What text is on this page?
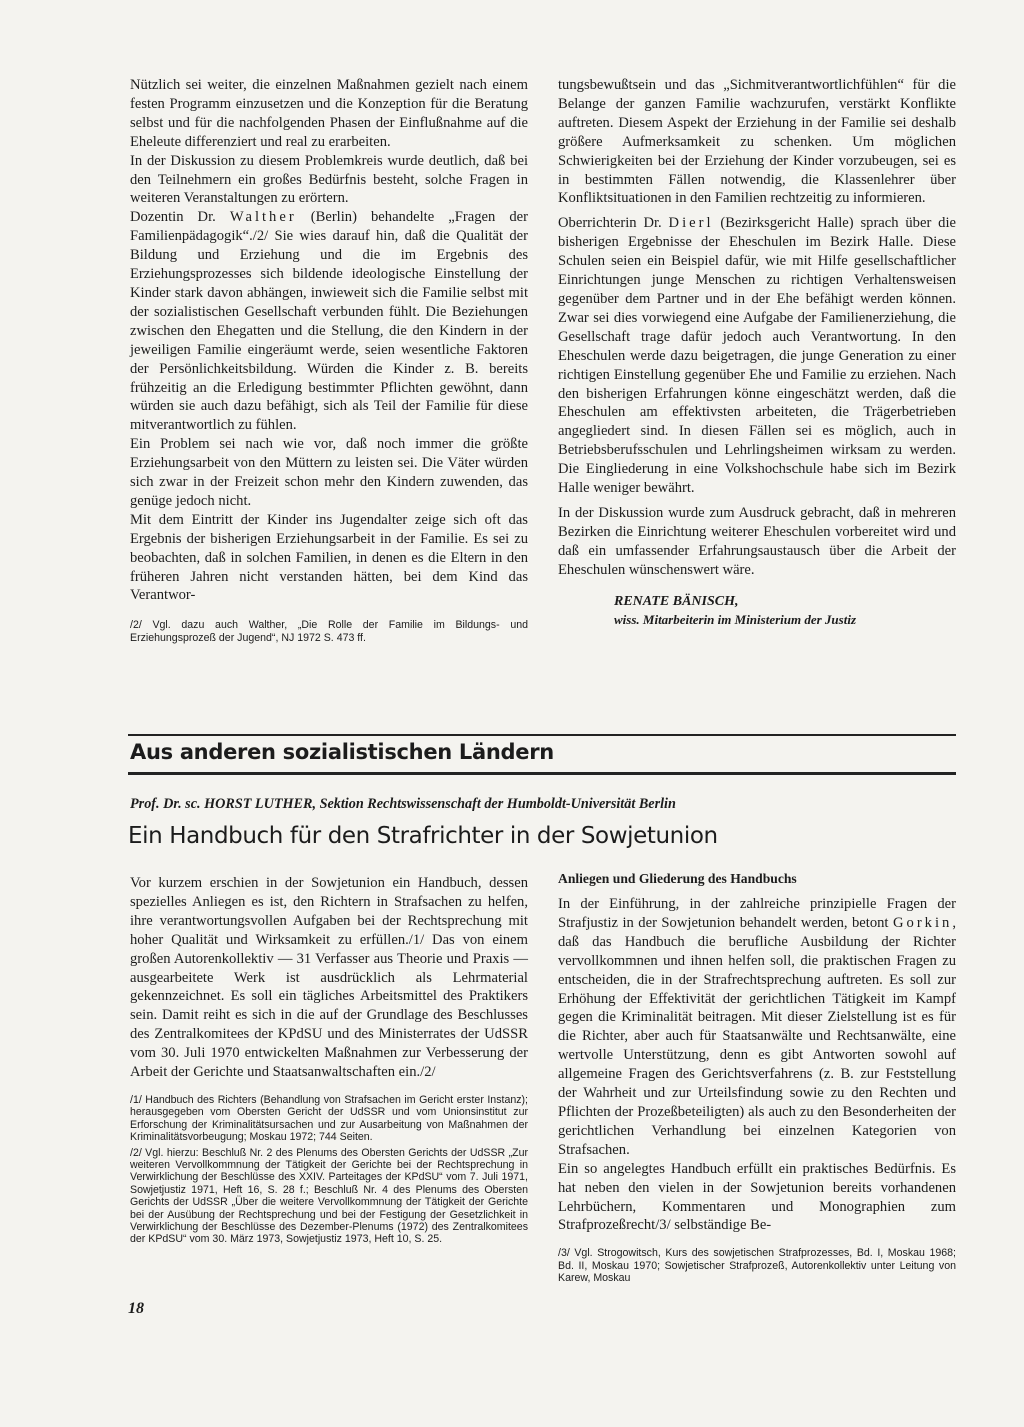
Nützlich sei weiter, die einzelnen Maßnahmen gezielt nach einem festen Programm einzusetzen und die Konzeption für die Beratung selbst und für die nachfolgenden Phasen der Einflußnahme auf die Eheleute differenziert und real zu erarbeiten.

In der Diskussion zu diesem Problemkreis wurde deutlich, daß bei den Teilnehmern ein großes Bedürfnis besteht, solche Fragen in weiteren Veranstaltungen zu erörtern.

Dozentin Dr. Walther (Berlin) behandelte „Fragen der Familienpädagogik“./2/ Sie wies darauf hin, daß die Qualität der Bildung und Erziehung und die im Ergebnis des Erziehungsprozesses sich bildende ideologische Einstellung der Kinder stark davon abhängen, inwieweit sich die Familie selbst mit der sozialistischen Gesellschaft verbunden fühlt. Die Beziehungen zwischen den Ehegatten und die Stellung, die den Kindern in der jeweiligen Familie eingeräumt werde, seien wesentliche Faktoren der Persönlichkeitsbildung. Würden die Kinder z. B. bereits frühzeitig an die Erledigung bestimmter Pflichten gewöhnt, dann würden sie auch dazu befähigt, sich als Teil der Familie für diese mitverantwortlich zu fühlen.

Ein Problem sei nach wie vor, daß noch immer die größte Erziehungsarbeit von den Müttern zu leisten sei. Die Väter würden sich zwar in der Freizeit schon mehr den Kindern zuwenden, das genüge jedoch nicht.

Mit dem Eintritt der Kinder ins Jugendalter zeige sich oft das Ergebnis der bisherigen Erziehungsarbeit in der Familie. Es sei zu beobachten, daß in solchen Familien, in denen es die Eltern in den früheren Jahren nicht verstanden hätten, bei dem Kind das Verantwor-

/2/ Vgl. dazu auch Walther, „Die Rolle der Familie im Bildungs- und Erziehungsprozeß der Jugend“, NJ 1972 S. 473 ff.

tungsbewußtsein und das „Sichmitverantwortlichfühlen“ für die Belange der ganzen Familie wachzurufen, verstärkt Konflikte auftreten. Diesem Aspekt der Erziehung in der Familie sei deshalb größere Aufmerksamkeit zu schenken. Um möglichen Schwierigkeiten bei der Erziehung der Kinder vorzubeugen, sei es in bestimmten Fällen notwendig, die Klassenlehrer über Konfliktsituationen in den Familien rechtzeitig zu informieren.

Oberrichterin Dr. Dierl (Bezirksgericht Halle) sprach über die bisherigen Ergebnisse der Eheschulen im Bezirk Halle. Diese Schulen seien ein Beispiel dafür, wie mit Hilfe gesellschaftlicher Einrichtungen junge Menschen zu richtigen Verhaltensweisen gegenüber dem Partner und in der Ehe befähigt werden können. Zwar sei dies vorwiegend eine Aufgabe der Familienerziehung, die Gesellschaft trage dafür jedoch auch Verantwortung. In den Eheschulen werde dazu beigetragen, die junge Generation zu einer richtigen Einstellung gegenüber Ehe und Familie zu erziehen. Nach den bisherigen Erfahrungen könne eingeschätzt werden, daß die Eheschulen am effektivsten arbeiteten, die Trägerbetrieben angegliedert sind. In diesen Fällen sei es möglich, auch in Betriebsberufsschulen und Lehrlingsheimen wirksam zu werden. Die Eingliederung in eine Volkshochschule habe sich im Bezirk Halle weniger bewährt.

In der Diskussion wurde zum Ausdruck gebracht, daß in mehreren Bezirken die Einrichtung weiterer Eheschulen vorbereitet wird und daß ein umfassender Erfahrungsaustausch über die Arbeit der Eheschulen wünschenswert wäre.

RENATE BÄNISCH,
wiss. Mitarbeiterin im Ministerium der Justiz
Aus anderen sozialistischen Ländern
Prof. Dr. sc. HORST LUTHER, Sektion Rechtswissenschaft der Humboldt-Universität Berlin
Ein Handbuch für den Strafrichter in der Sowjetunion

Vor kurzem erschien in der Sowjetunion ein Handbuch, dessen spezielles Anliegen es ist, den Richtern in Strafsachen zu helfen, ihre verantwortungsvollen Aufgaben bei der Rechtsprechung mit hoher Qualität und Wirksamkeit zu erfüllen./1/ Das von einem großen Autorenkollektiv — 31 Verfasser aus Theorie und Praxis — ausgearbeitete Werk ist ausdrücklich als Lehrmaterial gekennzeichnet. Es soll ein tägliches Arbeitsmittel des Praktikers sein. Damit reiht es sich in die auf der Grundlage des Beschlusses des Zentralkomitees der KPdSU und des Ministerrates der UdSSR vom 30. Juli 1970 entwickelten Maßnahmen zur Verbesserung der Arbeit der Gerichte und Staatsanwaltschaften ein./2/

/1/ Handbuch des Richters (Behandlung von Strafsachen im Gericht erster Instanz); herausgegeben vom Obersten Gericht der UdSSR und vom Unionsinstitut zur Erforschung der Kriminalitätsursachen und zur Ausarbeitung von Maßnahmen der Kriminalitätsvorbeugung; Moskau 1972; 744 Seiten.

/2/ Vgl. hierzu: Beschluß Nr. 2 des Plenums des Obersten Gerichts der UdSSR „Zur weiteren Vervollkommnung der Tätigkeit der Gerichte bei der Rechtsprechung in Verwirklichung der Beschlüsse des XXIV. Parteitages der KPdSU“ vom 7. Juli 1971, Sowjetjustiz 1971, Heft 16, S. 28 f.; Beschluß Nr. 4 des Plenums des Obersten Gerichts der UdSSR „Über die weitere Vervollkommnung der Tätigkeit der Gerichte bei der Ausübung der Rechtsprechung und bei der Festigung der Gesetzlichkeit in Verwirklichung der Beschlüsse des Dezember-Plenums (1972) des Zentralkomitees der KPdSU“ vom 30. März 1973, Sowjetjustiz 1973, Heft 10, S. 25.

Anliegen und Gliederung des Handbuchs

In der Einführung, in der zahlreiche prinzipielle Fragen der Strafjustiz in der Sowjetunion behandelt werden, betont Gorkin, daß das Handbuch die berufliche Ausbildung der Richter vervollkommnen und ihnen helfen soll, die praktischen Fragen zu entscheiden, die in der Strafrechtsprechung auftreten. Es soll zur Erhöhung der Effektivität der gerichtlichen Tätigkeit im Kampf gegen die Kriminalität beitragen. Mit dieser Zielstellung ist es für die Richter, aber auch für Staatsanwälte und Rechtsanwälte, eine wertvolle Unterstützung, denn es gibt Antworten sowohl auf allgemeine Fragen des Gerichtsverfahrens (z. B. zur Feststellung der Wahrheit und zur Urteilsfindung sowie zu den Rechten und Pflichten der Prozeßbeteiligten) als auch zu den Besonderheiten der gerichtlichen Verhandlung bei einzelnen Kategorien von Strafsachen.

Ein so angelegtes Handbuch erfüllt ein praktisches Bedürfnis. Es hat neben den vielen in der Sowjetunion bereits vorhandenen Lehrbüchern, Kommentaren und Monographien zum Strafprozeßrecht/3/ selbständige Be-

/3/ Vgl. Strogowitsch, Kurs des sowjetischen Strafprozesses, Bd. I, Moskau 1968; Bd. II, Moskau 1970; Sowjetischer Strafprozeß, Autorenkollektiv unter Leitung von Karew, Moskau

18
